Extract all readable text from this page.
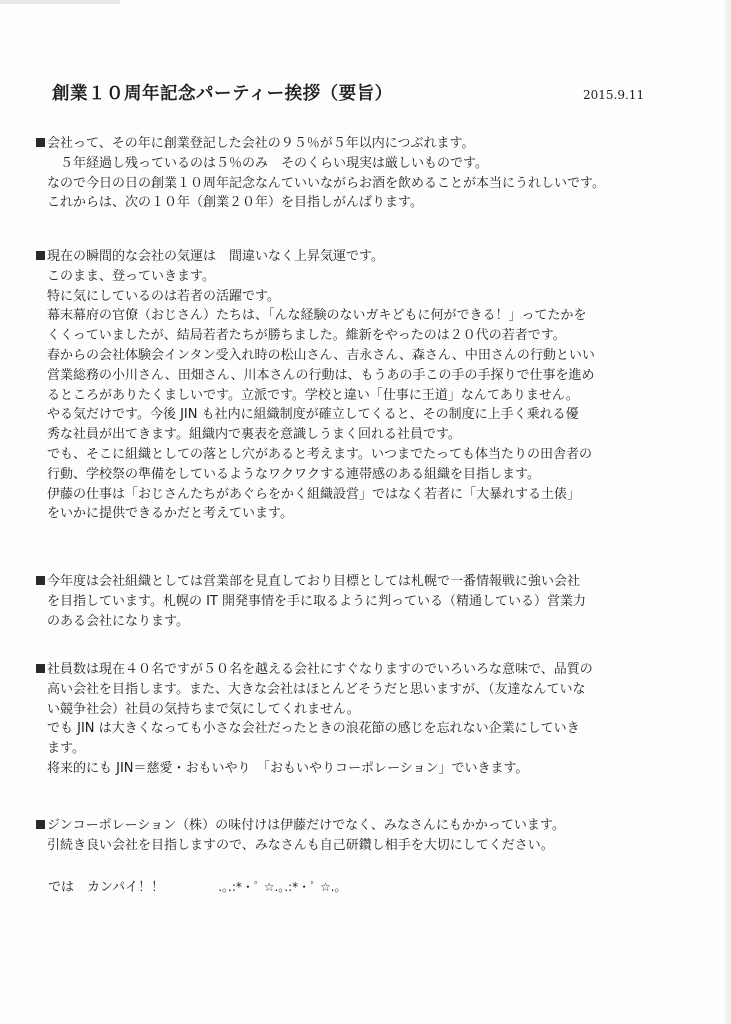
創業１０周年記念パーティー挨拶（要旨）	2015.9.11
会社って、その年に創業登記した会社の９５％が５年以内につぶれます。
５年経過し残っているのは５％のみ　そのくらい現実は厳しいものです。
なので今日の日の創業１０周年記念なんていいながらお酒を飲めることが本当にうれしいです。
これからは、次の１０年（創業２０年）を目指しがんばります。
現在の瞬間的な会社の気運は　間違いなく上昇気運です。
このまま、登っていきます。
特に気にしているのは若者の活躍です。
幕末幕府の官僚（おじさん）たちは、「んな経験のないガキどもに何ができる！」ってたかを
くくっていましたが、結局若者たちが勝ちました。維新をやったのは２０代の若者です。
春からの会社体験会インタン受入れ時の松山さん、吉永さん、森さん、中田さんの行動といい
営業総務の小川さん、田畑さん、川本さんの行動は、もうあの手この手の手探りで仕事を進め
るところがありたくましいです。立派です。学校と違い「仕事に王道」なんてありません。
やる気だけです。今後 JIN も社内に組織制度が確立してくると、その制度に上手く乗れる優
秀な社員が出てきます。組織内で裏表を意識しうまく回れる社員です。
でも、そこに組織としての落とし穴があると考えます。いつまでたっても体当たりの田舎者の
行動、学校祭の準備をしているようなワクワクする連帯感のある組織を目指します。
伊藤の仕事は「おじさんたちがあぐらをかく組織設営」ではなく若者に「大暴れする土俵」
をいかに提供できるかだと考えています。
今年度は会社組織としては営業部を見直しており目標としては札幌で一番情報戦に強い会社
を目指しています。札幌の IT 開発事情を手に取るように判っている（精通している）営業力
のある会社になります。
社員数は現在４０名ですが５０名を越える会社にすぐなりますのでいろいろな意味で、品質の
高い会社を目指します。また、大きな会社はほとんどそうだと思いますが、（友達なんていな
い競争社会）社員の気持ちまで気にしてくれません。
でも JIN は大きくなっても小さな会社だったときの浪花節の感じを忘れない企業にしていき
ます。
将来的にも JIN＝慈愛・おもいやり　「おもいやりコーポレーション」でいきます。
ジンコーポレーション（株）の味付けは伊藤だけでなく、みなさんにもかかっています。
引続き良い会社を目指しますので、みなさんも自己研鑽し相手を大切にしてください。
では　カンパイ！！	.｡.:*・ﾟ ☆.｡.:*・ﾟ ☆.｡
